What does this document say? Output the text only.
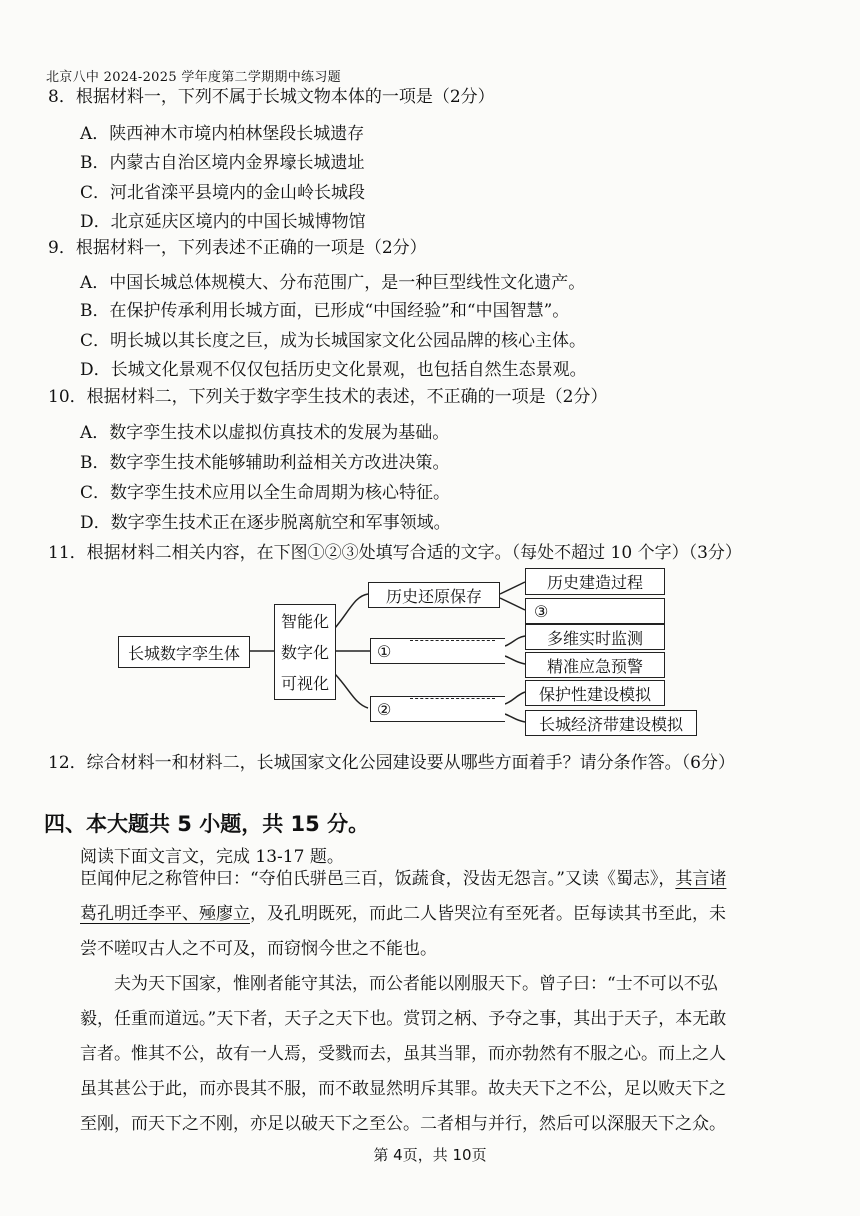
北京八中 2024-2025 学年度第二学期期中练习题
8．根据材料一，下列不属于长城文物本体的一项是（2分）
A．陕西神木市境内柏林堡段长城遗存
B．内蒙古自治区境内金界壕长城遗址
C．河北省滦平县境内的金山岭长城段
D．北京延庆区境内的中国长城博物馆
9．根据材料一，下列表述不正确的一项是（2分）
A．中国长城总体规模大、分布范围广，是一种巨型线性文化遗产。
B．在保护传承利用长城方面，已形成“中国经验”和“中国智慧”。
C．明长城以其长度之巨，成为长城国家文化公园品牌的核心主体。
D．长城文化景观不仅仅包括历史文化景观，也包括自然生态景观。
10．根据材料二，下列关于数字孪生技术的表述，不正确的一项是（2分）
A．数字孪生技术以虚拟仿真技术的发展为基础。
B．数字孪生技术能够辅助利益相关方改进决策。
C．数字孪生技术应用以全生命周期为核心特征。
D．数字孪生技术正在逐步脱离航空和军事领域。
11．根据材料二相关内容，在下图①②③处填写合适的文字。（每处不超过 10 个字）（3分）
长城数字孪生体
智能化
数字化
可视化
历史还原保存
①
②
历史建造过程
③
多维实时监测
精准应急预警
保护性建设模拟
长城经济带建设模拟
12．综合材料一和材料二，长城国家文化公园建设要从哪些方面着手？请分条作答。（6分）
四、本大题共 5 小题，共 15 分。
阅读下面文言文，完成 13-17 题。

臣闻仲尼之称管仲曰：“夺伯氏骈邑三百，饭蔬食，没齿无怨言。”又读《蜀志》，其言诸葛孔明迁李平、殛廖立，及孔明既死，而此二人皆哭泣有至死者。臣每读其书至此，未尝不嗟叹古人之不可及，而窃悯今世之不能也。

夫为天下国家，惟刚者能守其法，而公者能以刚服天下。曾子曰：“士不可以不弘毅，任重而道远。”天下者，天子之天下也。赏罚之柄、予夺之事，其出于天子，本无敢言者。惟其不公，故有一人焉，受戮而去，虽其当罪，而亦勃然有不服之心。而上之人虽其甚公于此，而亦畏其不服，而不敢显然明斥其罪。故夫天下之不公，足以败天下之至刚，而天下之不刚，亦足以破天下之至公。二者相与并行，然后可以深服天下之众。

第 4页，共 10页
